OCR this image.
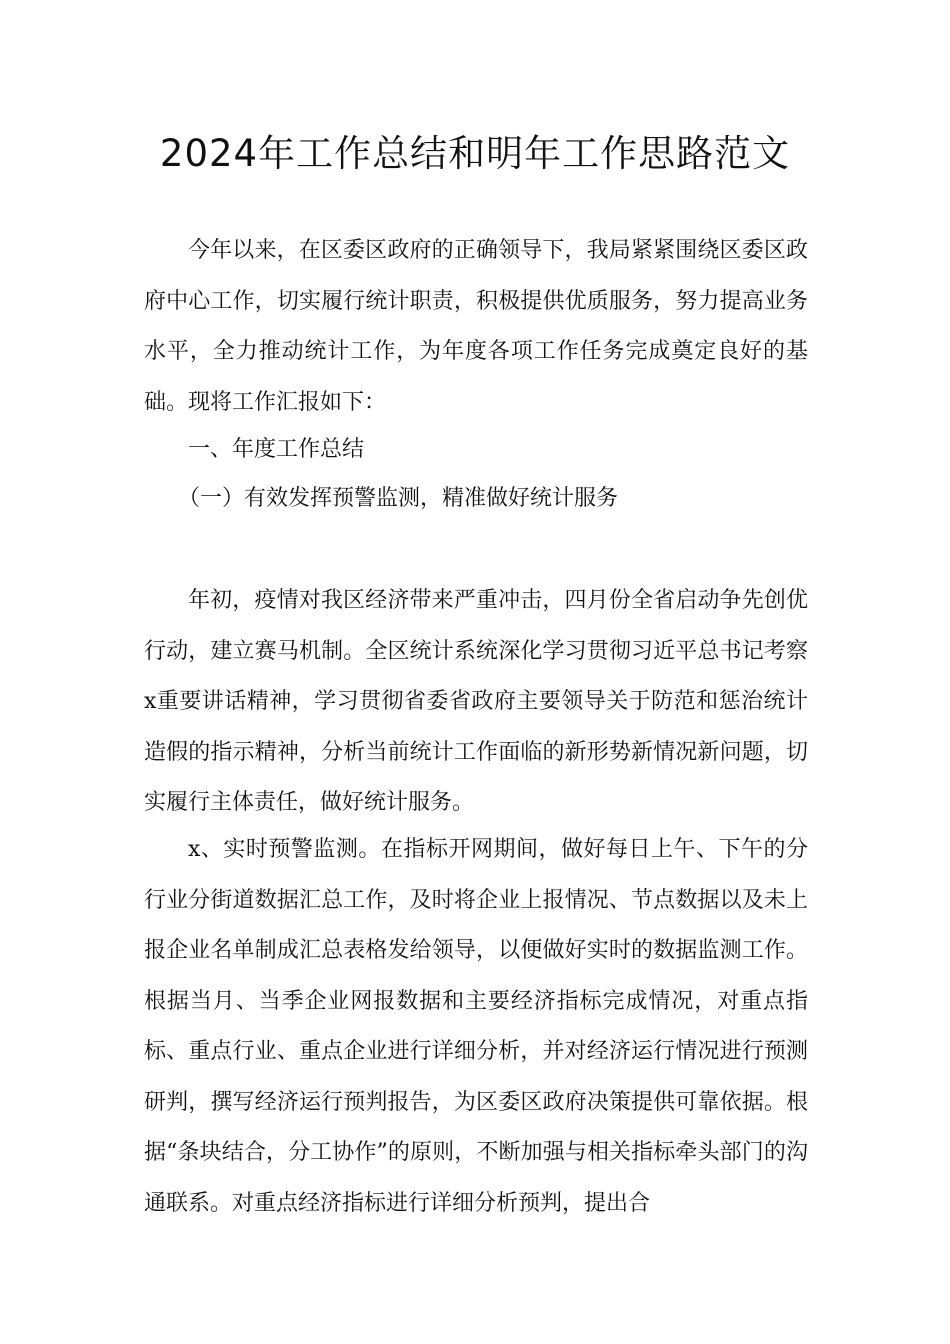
2024年工作总结和明年工作思路范文

今年以来，在区委区政府的正确领导下，我局紧紧围绕区委区政府中心工作，切实履行统计职责，积极提供优质服务，努力提高业务水平，全力推动统计工作，为年度各项工作任务完成奠定良好的基础。现将工作汇报如下：

一、年度工作总结

（一）有效发挥预警监测，精准做好统计服务

年初，疫情对我区经济带来严重冲击，四月份全省启动争先创优行动，建立赛马机制。全区统计系统深化学习贯彻习近平总书记考察x重要讲话精神，学习贯彻省委省政府主要领导关于防范和惩治统计造假的指示精神，分析当前统计工作面临的新形势新情况新问题，切实履行主体责任，做好统计服务。

x、实时预警监测。在指标开网期间，做好每日上午、下午的分行业分街道数据汇总工作，及时将企业上报情况、节点数据以及未上报企业名单制成汇总表格发给领导，以便做好实时的数据监测工作。根据当月、当季企业网报数据和主要经济指标完成情况，对重点指标、重点行业、重点企业进行详细分析，并对经济运行情况进行预测研判，撰写经济运行预判报告，为区委区政府决策提供可靠依据。根据“条块结合，分工协作”的原则，不断加强与相关指标牵头部门的沟通联系。对重点经济指标进行详细分析预判，提出合
